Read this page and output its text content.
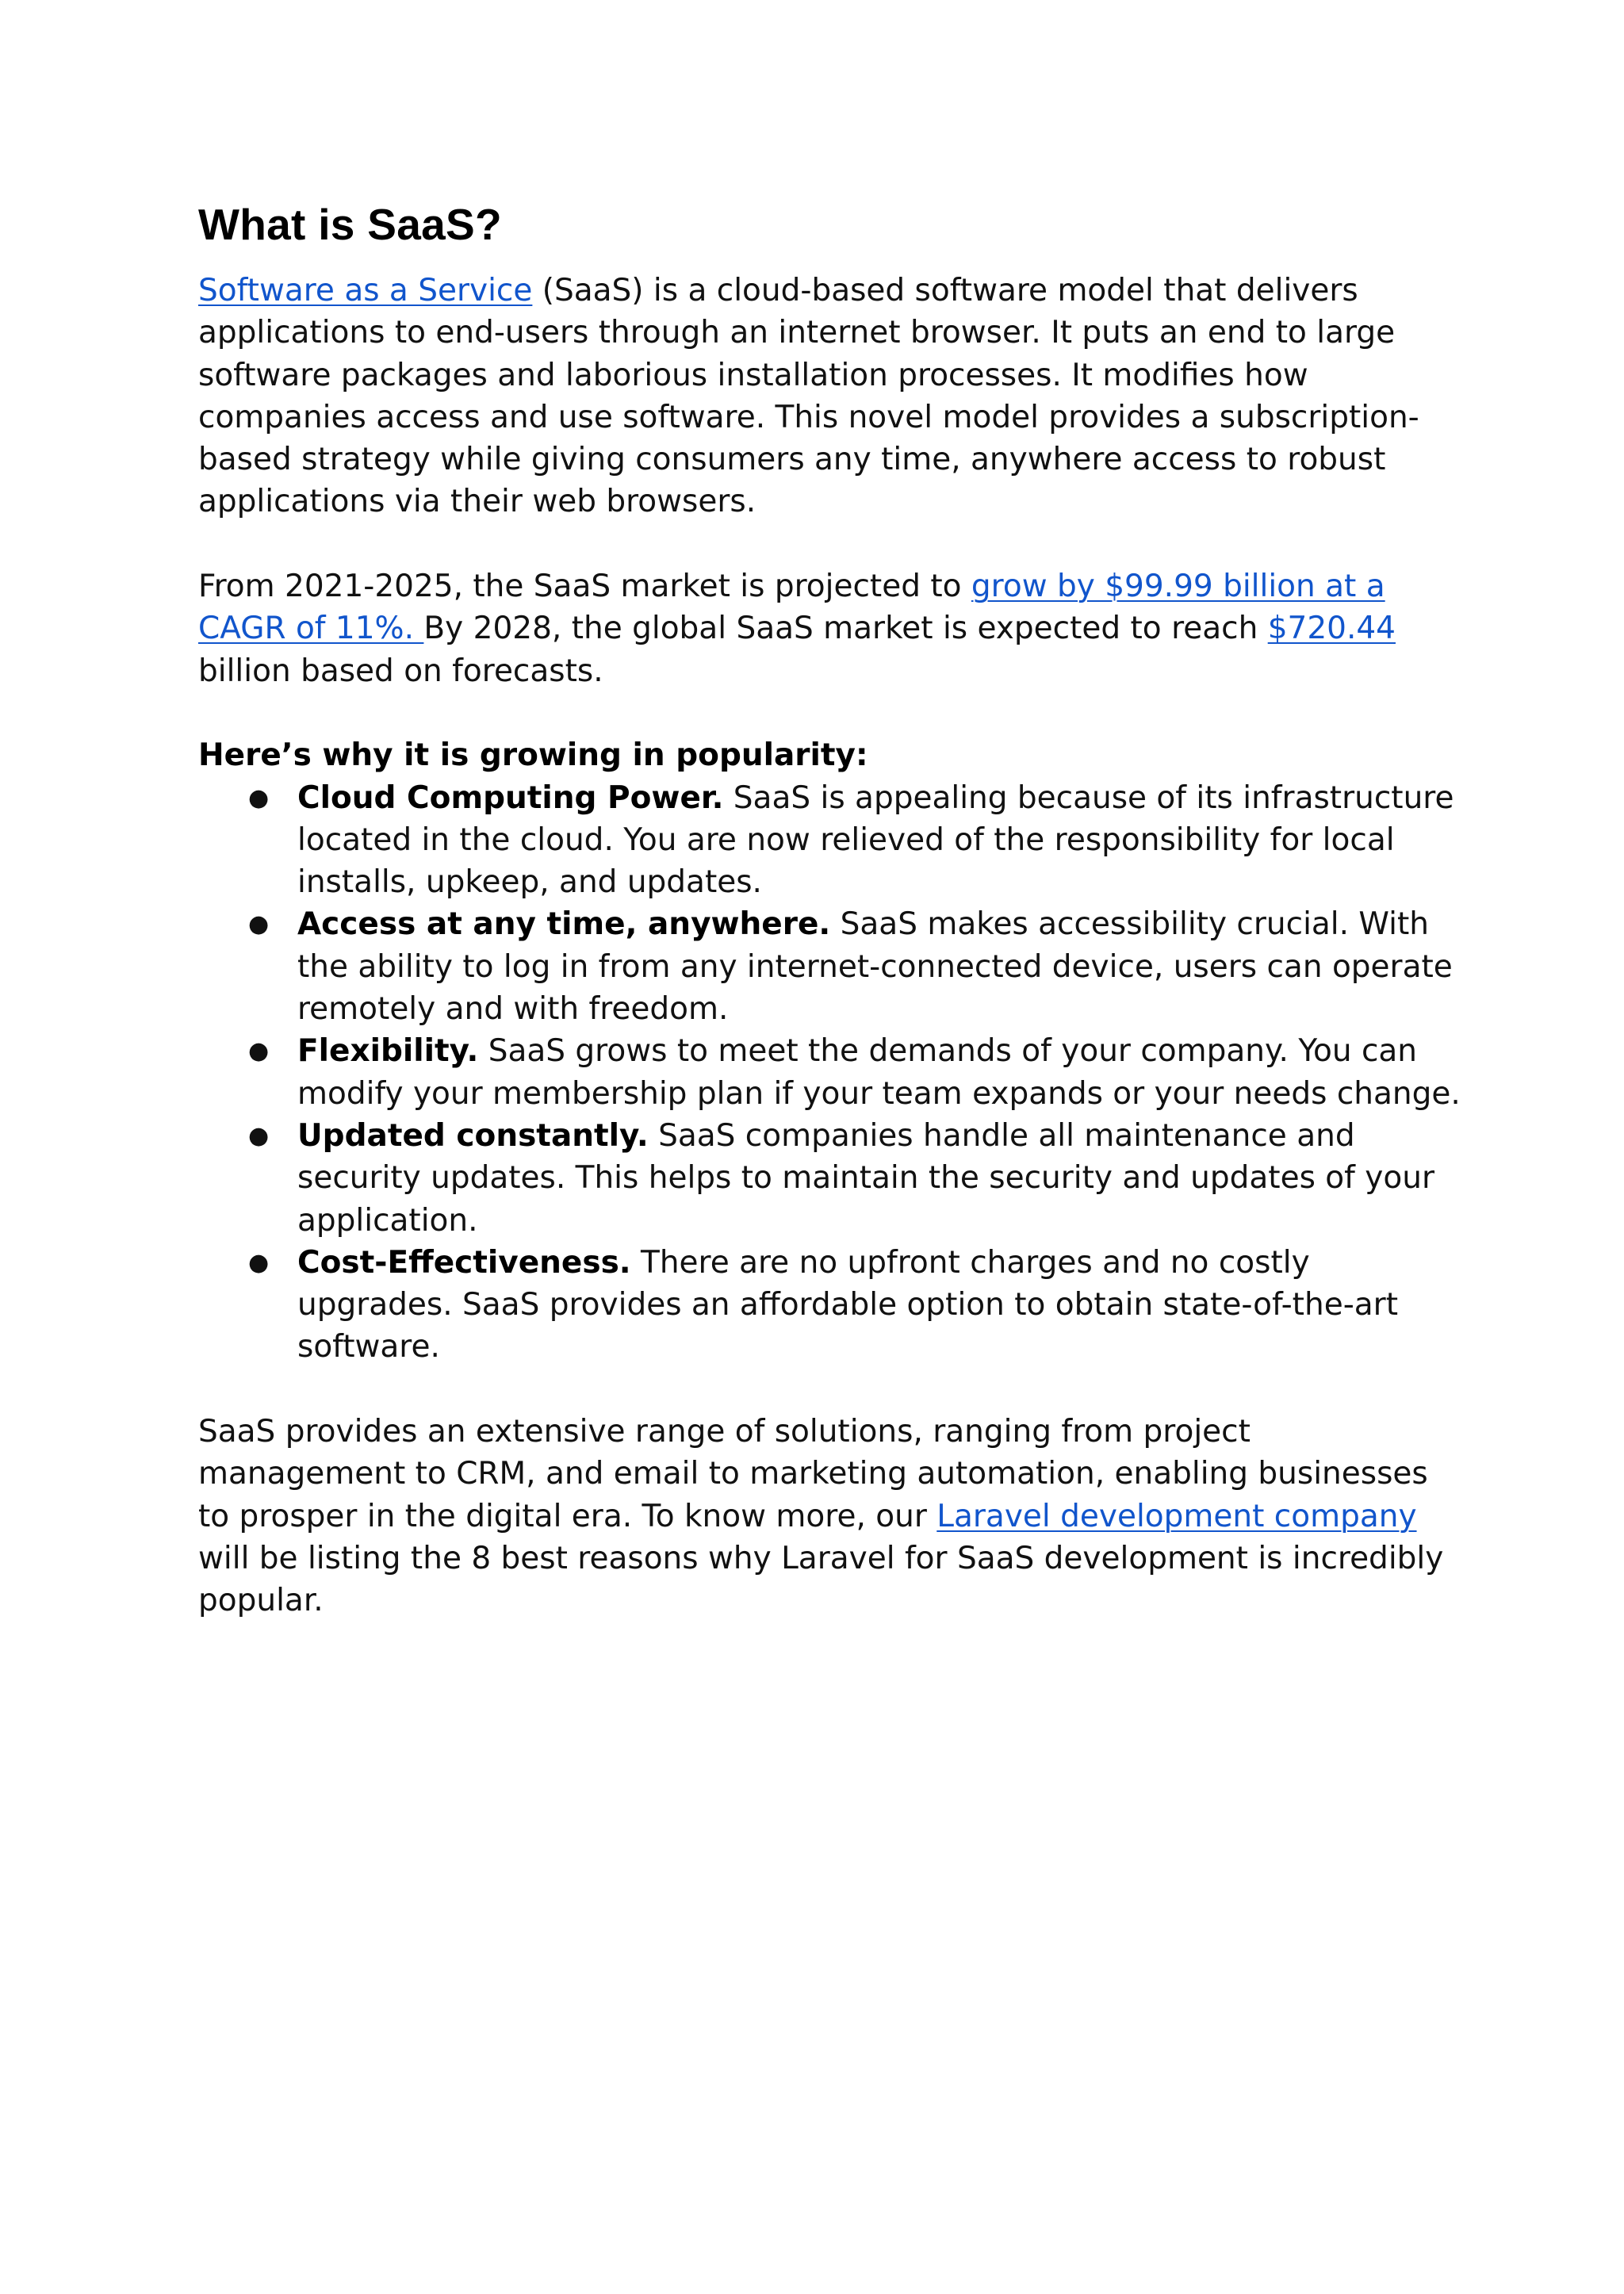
What is SaaS?

Software as a Service (SaaS) is a cloud-based software model that delivers applications to end-users through an internet browser. It puts an end to large software packages and laborious installation processes. It modifies how companies access and use software. This novel model provides a subscription-based strategy while giving consumers any time, anywhere access to robust applications via their web browsers.

From 2021-2025, the SaaS market is projected to grow by $99.99 billion at a CAGR of 11%. By 2028, the global SaaS market is expected to reach $720.44 billion based on forecasts.

Here’s why it is growing in popularity:

● Cloud Computing Power. SaaS is appealing because of its infrastructure located in the cloud. You are now relieved of the responsibility for local installs, upkeep, and updates.
● Access at any time, anywhere. SaaS makes accessibility crucial. With the ability to log in from any internet-connected device, users can operate remotely and with freedom.
● Flexibility. SaaS grows to meet the demands of your company. You can modify your membership plan if your team expands or your needs change.
● Updated constantly. SaaS companies handle all maintenance and security updates. This helps to maintain the security and updates of your application.
● Cost-Effectiveness. There are no upfront charges and no costly upgrades. SaaS provides an affordable option to obtain state-of-the-art software.

SaaS provides an extensive range of solutions, ranging from project management to CRM, and email to marketing automation, enabling businesses to prosper in the digital era. To know more, our Laravel development company will be listing the 8 best reasons why Laravel for SaaS development is incredibly popular.
